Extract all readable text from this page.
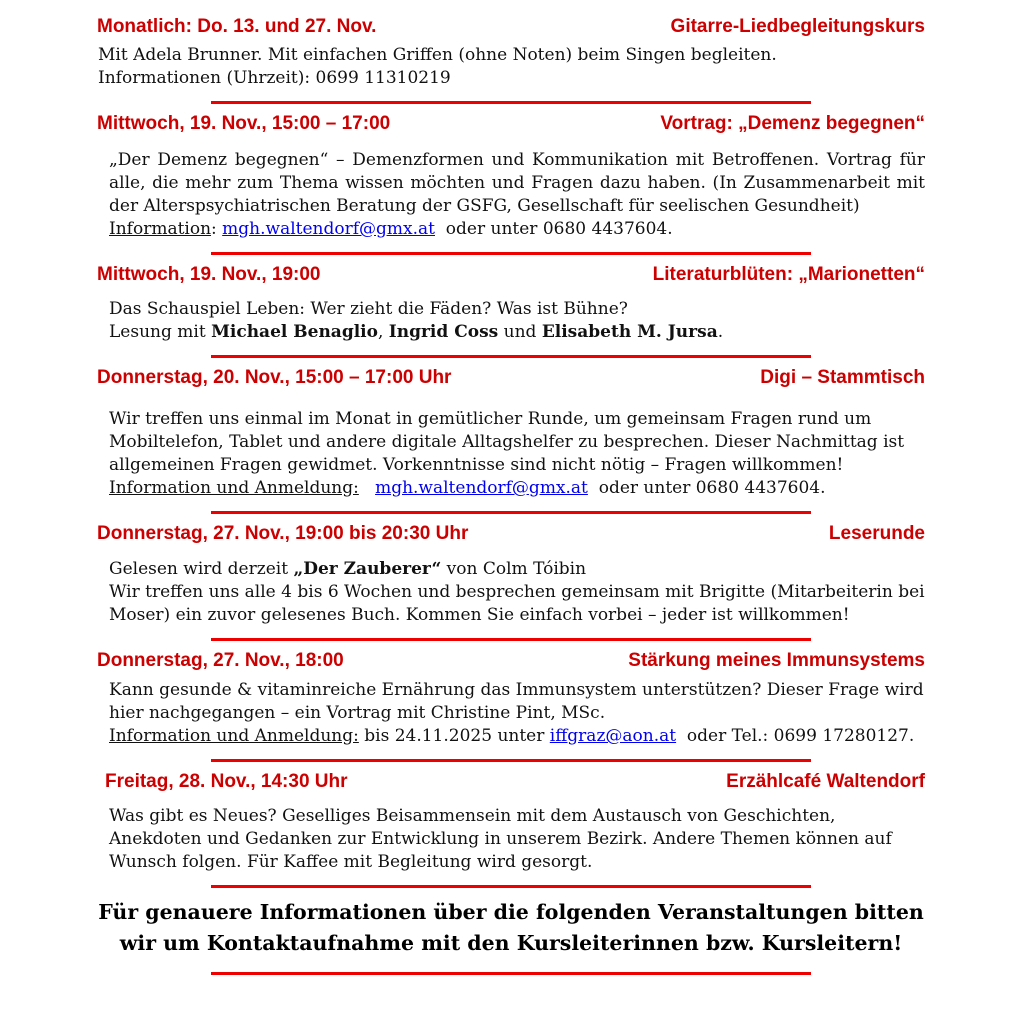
Monatlich: Do. 13. und 27. Nov.	Gitarre-Liedbegleitungskurs

Mit Adela Brunner. Mit einfachen Griffen (ohne Noten) beim Singen begleiten.

Informationen (Uhrzeit): 0699 11310219

Mittwoch, 19. Nov., 15:00 – 17:00	Vortrag: „Demenz begegnen“

„Der Demenz begegnen“ – Demenzformen und Kommunikation mit Betroffenen. Vortrag für alle, die mehr zum Thema wissen möchten und Fragen dazu haben. (In Zusammenarbeit mit der Alterspsychiatrischen Beratung der GSFG, Gesellschaft für seelischen Gesundheit)

Information: mgh.waltendorf@gmx.at  oder unter 0680 4437604.

Mittwoch, 19. Nov., 19:00	Literaturblüten: „Marionetten“

Das Schauspiel Leben: Wer zieht die Fäden? Was ist Bühne?

Lesung mit Michael Benaglio, Ingrid Coss und Elisabeth M. Jursa.

Donnerstag, 20. Nov., 15:00 – 17:00 Uhr	Digi – Stammtisch

Wir treffen uns einmal im Monat in gemütlicher Runde, um gemeinsam Fragen rund um Mobiltelefon, Tablet und andere digitale Alltagshelfer zu besprechen. Dieser Nachmittag ist allgemeinen Fragen gewidmet. Vorkenntnisse sind nicht nötig – Fragen willkommen!

Information und Anmeldung: mgh.waltendorf@gmx.at  oder unter 0680 4437604.

Donnerstag, 27. Nov., 19:00 bis 20:30 Uhr	Leserunde

Gelesen wird derzeit „Der Zauberer“ von Colm Tóibin

Wir treffen uns alle 4 bis 6 Wochen und besprechen gemeinsam mit Brigitte (Mitarbeiterin bei Moser) ein zuvor gelesenes Buch. Kommen Sie einfach vorbei – jeder ist willkommen!

Donnerstag, 27. Nov., 18:00	Stärkung meines Immunsystems

Kann gesunde & vitaminreiche Ernährung das Immunsystem unterstützen? Dieser Frage wird hier nachgegangen – ein Vortrag mit Christine Pint, MSc.

Information und Anmeldung: bis 24.11.2025 unter iffgraz@aon.at  oder Tel.: 0699 17280127.

Freitag, 28. Nov., 14:30 Uhr	Erzählcafé Waltendorf

Was gibt es Neues? Geselliges Beisammensein mit dem Austausch von Geschichten, Anekdoten und Gedanken zur Entwicklung in unserem Bezirk. Andere Themen können auf Wunsch folgen. Für Kaffee mit Begleitung wird gesorgt.

Für genauere Informationen über die folgenden Veranstaltungen bitten
wir um Kontaktaufnahme mit den Kursleiterinnen bzw. Kursleitern!
